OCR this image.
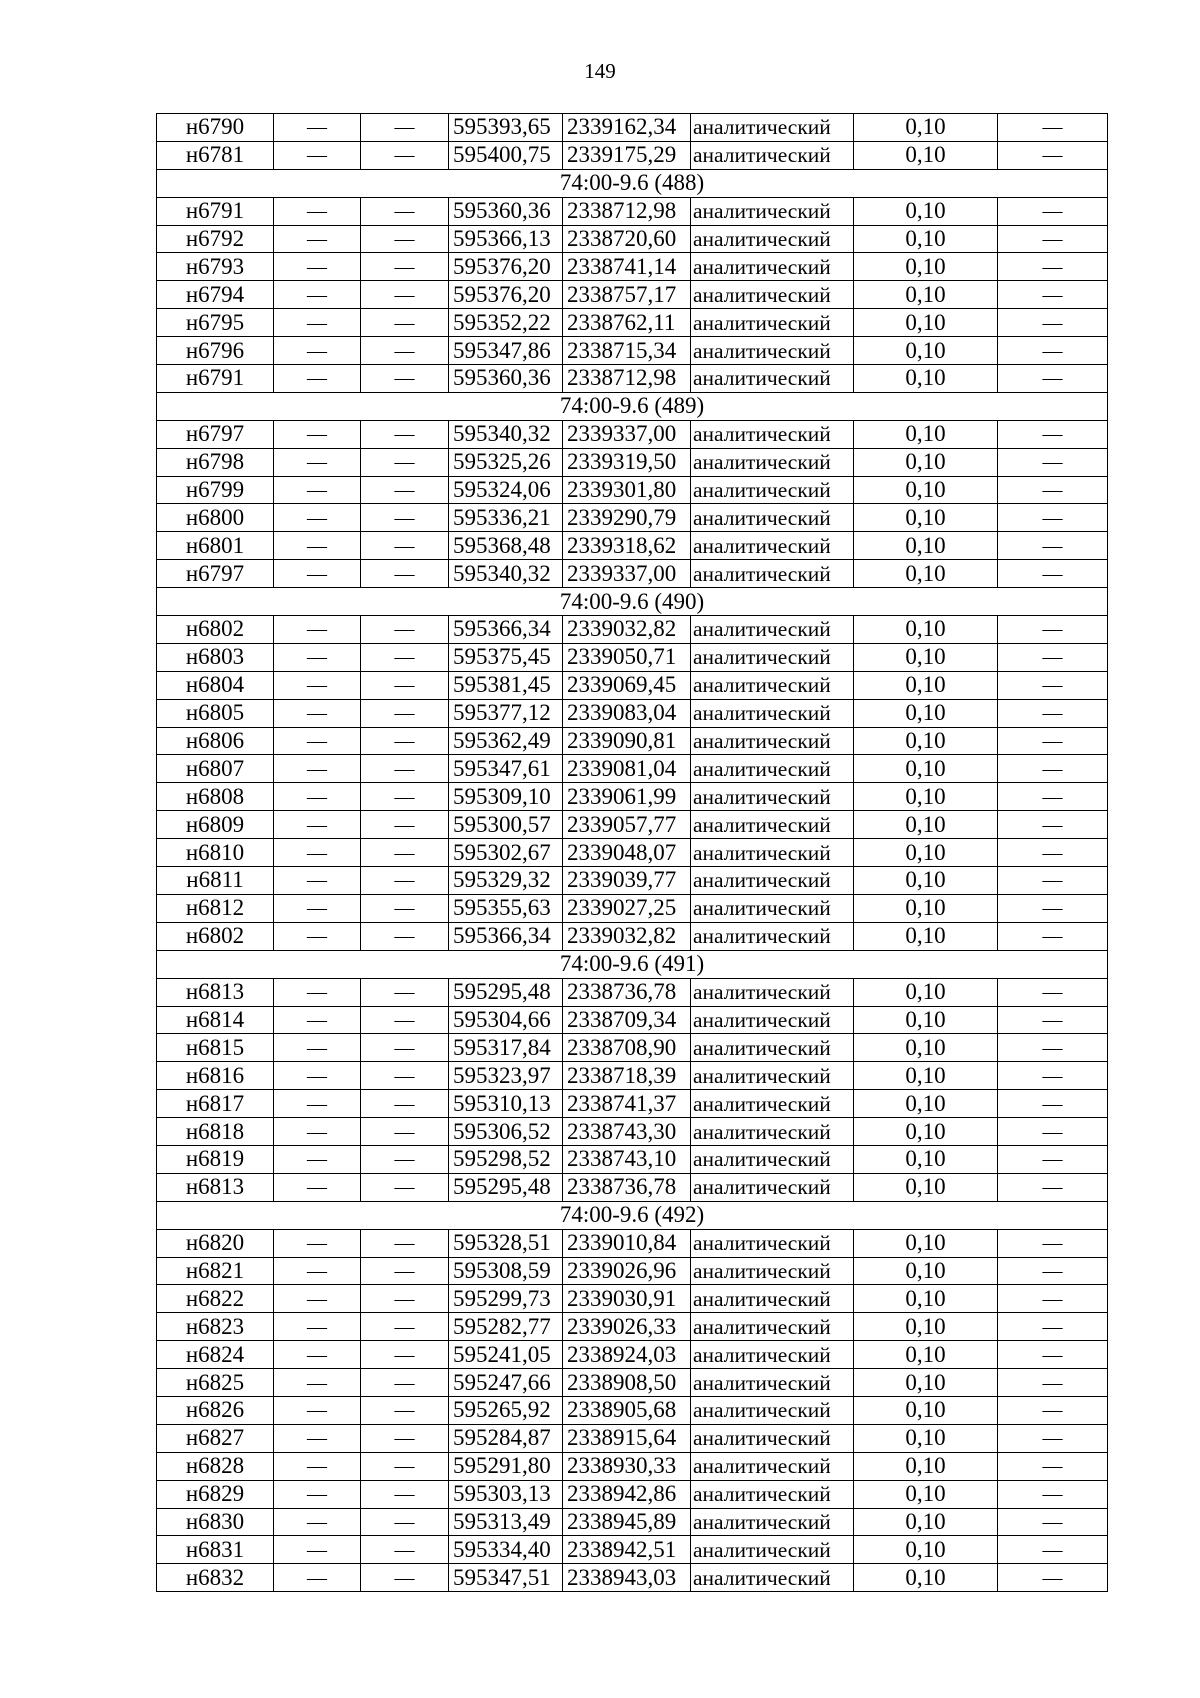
149
н6790	—	—	595393,65	2339162,34	аналитический	0,10	—
н6781	—	—	595400,75	2339175,29	аналитический	0,10	—
74:00-9.6 (488)							
н6791	—	—	595360,36	2338712,98	аналитический	0,10	—
н6792	—	—	595366,13	2338720,60	аналитический	0,10	—
н6793	—	—	595376,20	2338741,14	аналитический	0,10	—
н6794	—	—	595376,20	2338757,17	аналитический	0,10	—
н6795	—	—	595352,22	2338762,11	аналитический	0,10	—
н6796	—	—	595347,86	2338715,34	аналитический	0,10	—
н6791	—	—	595360,36	2338712,98	аналитический	0,10	—
74:00-9.6 (489)							
н6797	—	—	595340,32	2339337,00	аналитический	0,10	—
н6798	—	—	595325,26	2339319,50	аналитический	0,10	—
н6799	—	—	595324,06	2339301,80	аналитический	0,10	—
н6800	—	—	595336,21	2339290,79	аналитический	0,10	—
н6801	—	—	595368,48	2339318,62	аналитический	0,10	—
н6797	—	—	595340,32	2339337,00	аналитический	0,10	—
74:00-9.6 (490)							
н6802	—	—	595366,34	2339032,82	аналитический	0,10	—
н6803	—	—	595375,45	2339050,71	аналитический	0,10	—
н6804	—	—	595381,45	2339069,45	аналитический	0,10	—
н6805	—	—	595377,12	2339083,04	аналитический	0,10	—
н6806	—	—	595362,49	2339090,81	аналитический	0,10	—
н6807	—	—	595347,61	2339081,04	аналитический	0,10	—
н6808	—	—	595309,10	2339061,99	аналитический	0,10	—
н6809	—	—	595300,57	2339057,77	аналитический	0,10	—
н6810	—	—	595302,67	2339048,07	аналитический	0,10	—
н6811	—	—	595329,32	2339039,77	аналитический	0,10	—
н6812	—	—	595355,63	2339027,25	аналитический	0,10	—
н6802	—	—	595366,34	2339032,82	аналитический	0,10	—
74:00-9.6 (491)							
н6813	—	—	595295,48	2338736,78	аналитический	0,10	—
н6814	—	—	595304,66	2338709,34	аналитический	0,10	—
н6815	—	—	595317,84	2338708,90	аналитический	0,10	—
н6816	—	—	595323,97	2338718,39	аналитический	0,10	—
н6817	—	—	595310,13	2338741,37	аналитический	0,10	—
н6818	—	—	595306,52	2338743,30	аналитический	0,10	—
н6819	—	—	595298,52	2338743,10	аналитический	0,10	—
н6813	—	—	595295,48	2338736,78	аналитический	0,10	—
74:00-9.6 (492)							
н6820	—	—	595328,51	2339010,84	аналитический	0,10	—
н6821	—	—	595308,59	2339026,96	аналитический	0,10	—
н6822	—	—	595299,73	2339030,91	аналитический	0,10	—
н6823	—	—	595282,77	2339026,33	аналитический	0,10	—
н6824	—	—	595241,05	2338924,03	аналитический	0,10	—
н6825	—	—	595247,66	2338908,50	аналитический	0,10	—
н6826	—	—	595265,92	2338905,68	аналитический	0,10	—
н6827	—	—	595284,87	2338915,64	аналитический	0,10	—
н6828	—	—	595291,80	2338930,33	аналитический	0,10	—
н6829	—	—	595303,13	2338942,86	аналитический	0,10	—
н6830	—	—	595313,49	2338945,89	аналитический	0,10	—
н6831	—	—	595334,40	2338942,51	аналитический	0,10	—
н6832	—	—	595347,51	2338943,03	аналитический	0,10	—
